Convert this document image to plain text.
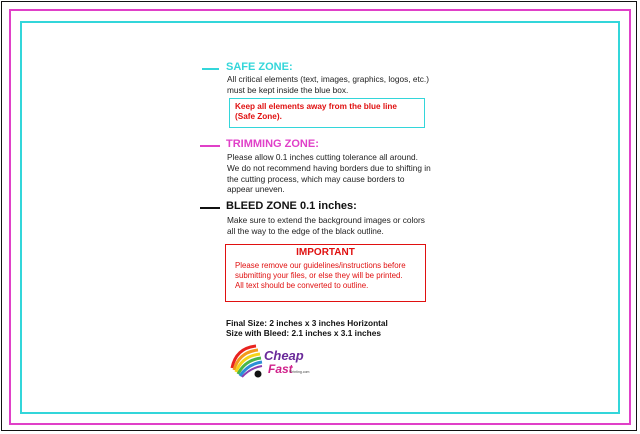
SAFE ZONE:
All critical elements (text, images, graphics, logos, etc.)
must be kept inside the blue box.
Keep all elements away from the blue line
(Safe Zone).
TRIMMING ZONE:
Please allow 0.1 inches cutting tolerance all around.
We do not recommend having borders due to shifting in
the cutting process, which may cause borders to
appear uneven.
BLEED ZONE 0.1 inches:
Make sure to extend the background images or colors
all the way to the edge of the black outline.
IMPORTANT
Please remove our guidelines/instructions before
submitting your files, or else they will be printed.
All text should be converted to outline.
Final Size: 2 inches x 3 inches Horizontal
Size with Bleed: 2.1 inches x 3.1 inches
Cheap
Fast
Printing.com
